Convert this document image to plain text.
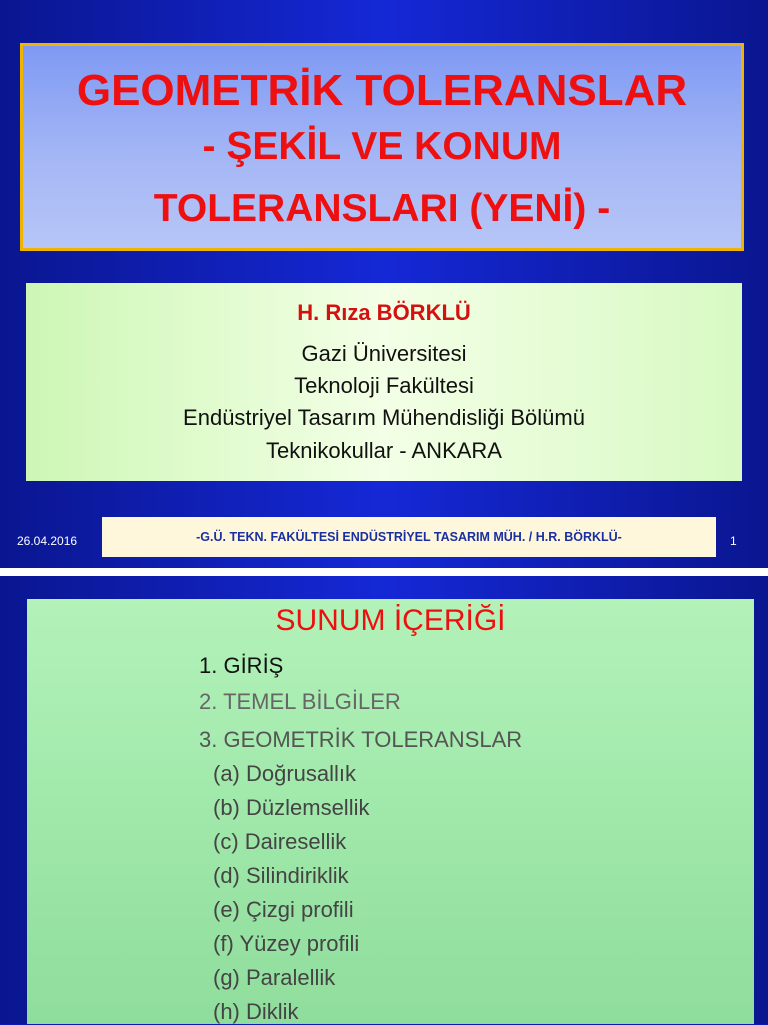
GEOMETRİK TOLERANSLAR
- ŞEKİL VE KONUM
TOLERANSLARI (YENİ) -
H. Rıza BÖRKLÜ
Gazi Üniversitesi
Teknoloji Fakültesi
Endüstriyel Tasarım Mühendisliği Bölümü
Teknikokullar - ANKARA
26.04.2016	-G.Ü. TEKN. FAKÜLTESİ ENDÜSTRİYEL TASARIM MÜH. / H.R. BÖRKLÜ-	1
SUNUM İÇERİĞİ
1. GİRİŞ
2. TEMEL BİLGİLER
3. GEOMETRİK TOLERANSLAR
(a) Doğrusallık
(b) Düzlemsellik
(c) Dairesellik
(d) Silindiriklik
(e) Çizgi profili
(f) Yüzey profili
(g) Paralellik
(h) Diklik
